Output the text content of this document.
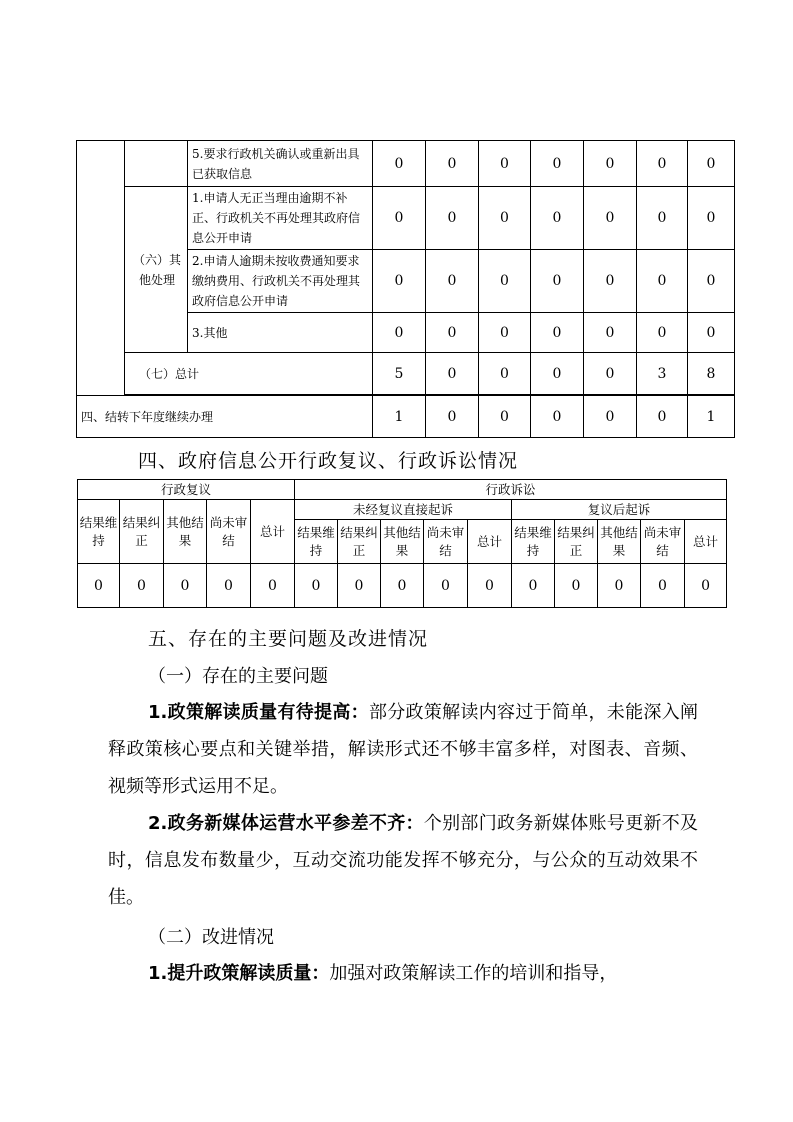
		5.要求行政机关确认或重新出具已获取信息	0	0	0	0	0	0	0
	（六）其他处理	1.申请人无正当理由逾期不补正、行政机关不再处理其政府信息公开申请	0	0	0	0	0	0	0
		2.申请人逾期未按收费通知要求缴纳费用、行政机关不再处理其政府信息公开申请	0	0	0	0	0	0	0
		3.其他	0	0	0	0	0	0	0
	（七）总计		5	0	0	0	0	3	8

四、结转下年度继续办理			1	0	0	0	0	0	1
四、政府信息公开行政复议、行政诉讼情况
行政复议					行政诉讼									
结果维持	结果纠正	其他结果	尚未审结	总计	未经复议直接起诉					复议后起诉				
					结果维持	结果纠正	其他结果	尚未审结	总计	结果维持	结果纠正	其他结果	尚未审结	总计
0	0	0	0	0	0	0	0	0	0	0	0	0	0	0
五、存在的主要问题及改进情况
（一）存在的主要问题
1.政策解读质量有待提高：部分政策解读内容过于简单，未能深入阐释政策核心要点和关键举措，解读形式还不够丰富多样，对图表、音频、视频等形式运用不足。
2.政务新媒体运营水平参差不齐：个别部门政务新媒体账号更新不及时，信息发布数量少，互动交流功能发挥不够充分，与公众的互动效果不佳。
（二）改进情况
1.提升政策解读质量：加强对政策解读工作的培训和指导，
